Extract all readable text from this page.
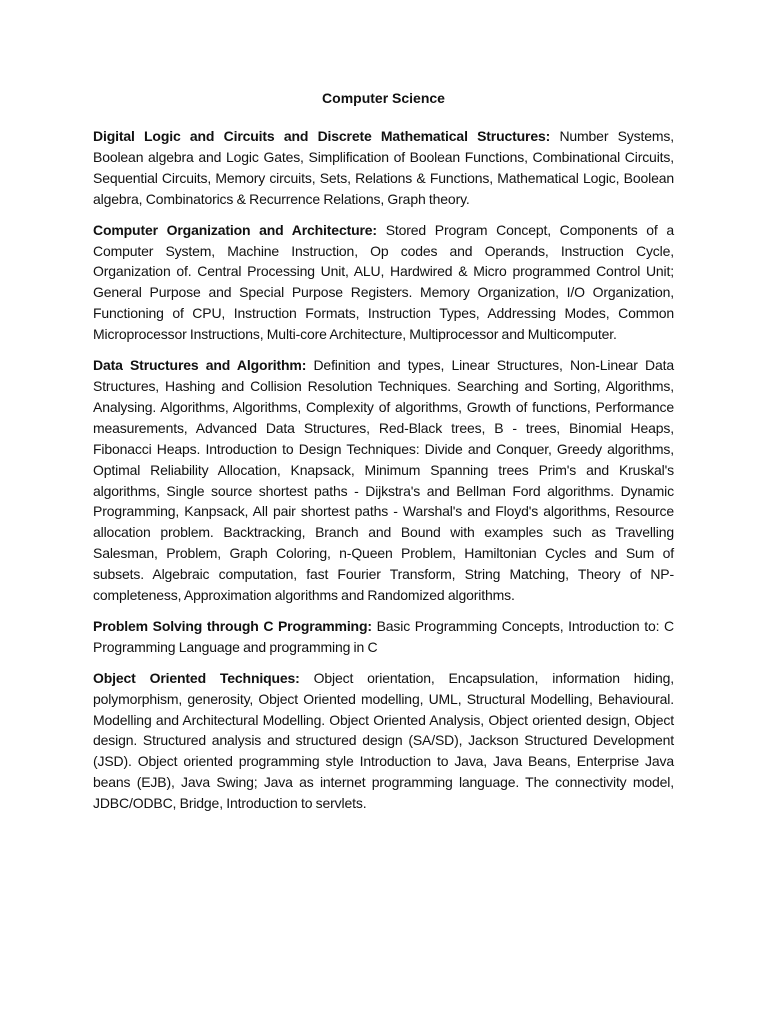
Computer Science

Digital Logic and Circuits and Discrete Mathematical Structures: Number Systems, Boolean algebra and Logic Gates, Simplification of Boolean Functions, Combinational Circuits, Sequential Circuits, Memory circuits, Sets, Relations & Functions, Mathematical Logic, Boolean algebra, Combinatorics & Recurrence Relations, Graph theory.

Computer Organization and Architecture: Stored Program Concept, Components of a Computer System, Machine Instruction, Op codes and Operands, Instruction Cycle, Organization of. Central Processing Unit, ALU, Hardwired & Micro programmed Control Unit; General Purpose and Special Purpose Registers. Memory Organization, I/O Organization, Functioning of CPU, Instruction Formats, Instruction Types, Addressing Modes, Common Microprocessor Instructions, Multi-core Architecture, Multiprocessor and Multicomputer.

Data Structures and Algorithm: Definition and types, Linear Structures, Non-Linear Data Structures, Hashing and Collision Resolution Techniques. Searching and Sorting, Algorithms, Analysing. Algorithms, Algorithms, Complexity of algorithms, Growth of functions, Performance measurements, Advanced Data Structures, Red-Black trees, B - trees, Binomial Heaps, Fibonacci Heaps. Introduction to Design Techniques: Divide and Conquer, Greedy algorithms, Optimal Reliability Allocation, Knapsack, Minimum Spanning trees Prim's and Kruskal's algorithms, Single source shortest paths - Dijkstra's and Bellman Ford algorithms. Dynamic Programming, Kanpsack, All pair shortest paths - Warshal's and Floyd's algorithms, Resource allocation problem. Backtracking, Branch and Bound with examples such as Travelling Salesman, Problem, Graph Coloring, n-Queen Problem, Hamiltonian Cycles and Sum of subsets. Algebraic computation, fast Fourier Transform, String Matching, Theory of NP- completeness, Approximation algorithms and Randomized algorithms.

Problem Solving through C Programming: Basic Programming Concepts, Introduction to: C Programming Language and programming in C

Object Oriented Techniques: Object orientation, Encapsulation, information hiding, polymorphism, generosity, Object Oriented modelling, UML, Structural Modelling, Behavioural. Modelling and Architectural Modelling. Object Oriented Analysis, Object oriented design, Object design. Structured analysis and structured design (SA/SD), Jackson Structured Development (JSD). Object oriented programming style Introduction to Java, Java Beans, Enterprise Java beans (EJB), Java Swing; Java as internet programming language. The connectivity model, JDBC/ODBC, Bridge, Introduction to servlets.
